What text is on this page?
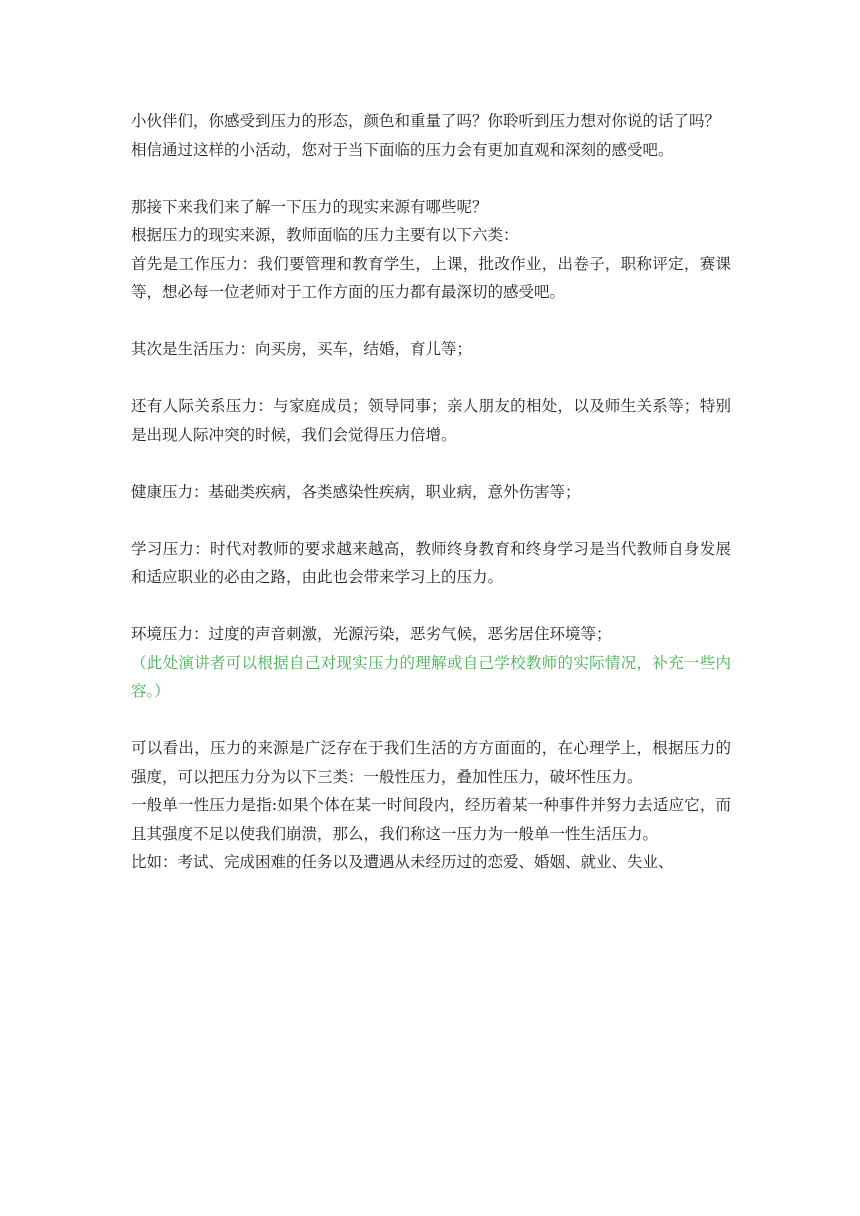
小伙伴们，你感受到压力的形态，颜色和重量了吗？你聆听到压力想对你说的话了吗？

相信通过这样的小活动，您对于当下面临的压力会有更加直观和深刻的感受吧。

那接下来我们来了解一下压力的现实来源有哪些呢？

根据压力的现实来源，教师面临的压力主要有以下六类：

首先是工作压力：我们要管理和教育学生，上课，批改作业，出卷子，职称评定，赛课等，想必每一位老师对于工作方面的压力都有最深切的感受吧。

其次是生活压力：向买房，买车，结婚，育儿等；

还有人际关系压力：与家庭成员；领导同事；亲人朋友的相处，以及师生关系等；特别是出现人际冲突的时候，我们会觉得压力倍增。

健康压力：基础类疾病，各类感染性疾病，职业病，意外伤害等；

学习压力：时代对教师的要求越来越高，教师终身教育和终身学习是当代教师自身发展和适应职业的必由之路，由此也会带来学习上的压力。

环境压力：过度的声音刺激，光源污染，恶劣气候，恶劣居住环境等；

（此处演讲者可以根据自己对现实压力的理解或自己学校教师的实际情况，补充一些内容。）

可以看出，压力的来源是广泛存在于我们生活的方方面面的，在心理学上，根据压力的强度，可以把压力分为以下三类：一般性压力，叠加性压力，破坏性压力。

一般单一性压力是指:如果个体在某一时间段内，经历着某一种事件并努力去适应它，而且其强度不足以使我们崩溃，那么，我们称这一压力为一般单一性生活压力。

比如：考试、完成困难的任务以及遭遇从未经历过的恋爱、婚姻、就业、失业、
